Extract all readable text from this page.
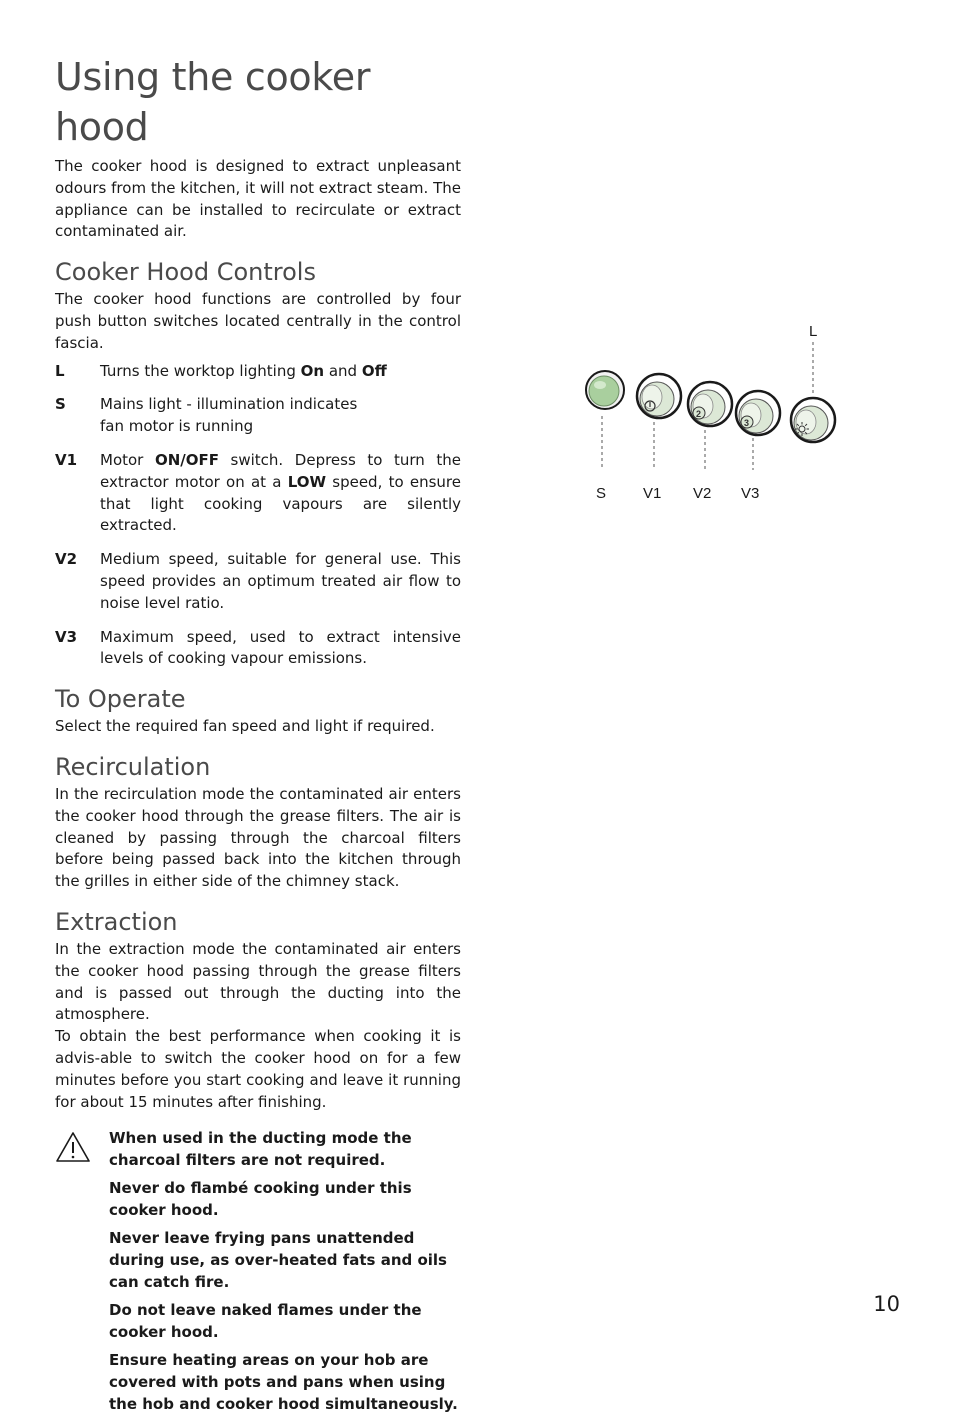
Using the cooker hood

The cooker hood is designed to extract unpleasant odours from the kitchen, it will not extract steam. The appliance can be installed to recirculate or extract contaminated air.

Cooker Hood Controls

The cooker hood functions are controlled by four push button switches located centrally in the control fascia.

L	Turns the worktop lighting On and Off
S	Mains light - illumination indicates fan motor is running
V1	Motor ON/OFF switch. Depress to turn the extractor motor on at a LOW speed, to ensure that light cooking vapours are silently extracted.
V2	Medium speed, suitable for general use. This speed provides an optimum treated air flow to noise level ratio.
V3	Maximum speed, used to extract intensive levels of cooking vapour emissions.
To Operate

Select the required fan speed and light if required.

Recirculation

In the recirculation mode the contaminated air enters the cooker hood through the grease filters. The air is cleaned by passing through the charcoal filters before being passed back into the kitchen through the grilles in either side of the chimney stack.

Extraction

In the extraction mode the contaminated air enters the cooker hood passing through the grease filters and is passed out through the ducting into the atmosphere.

To obtain the best performance when cooking it is advis-able to switch the cooker hood on for a few minutes before you start cooking and leave it running for about 15 minutes after finishing.

When used in the ducting mode the charcoal filters are not required.

Never do flambé cooking under this cooker hood.

Never leave frying pans unattended during use, as over-heated fats and oils can catch fire.

Do not leave naked flames under the cooker hood.

Ensure heating areas on your hob are covered with pots and pans when using the hob and cooker hood simultaneously.

L
2
3
S V1 V2 V3
10
